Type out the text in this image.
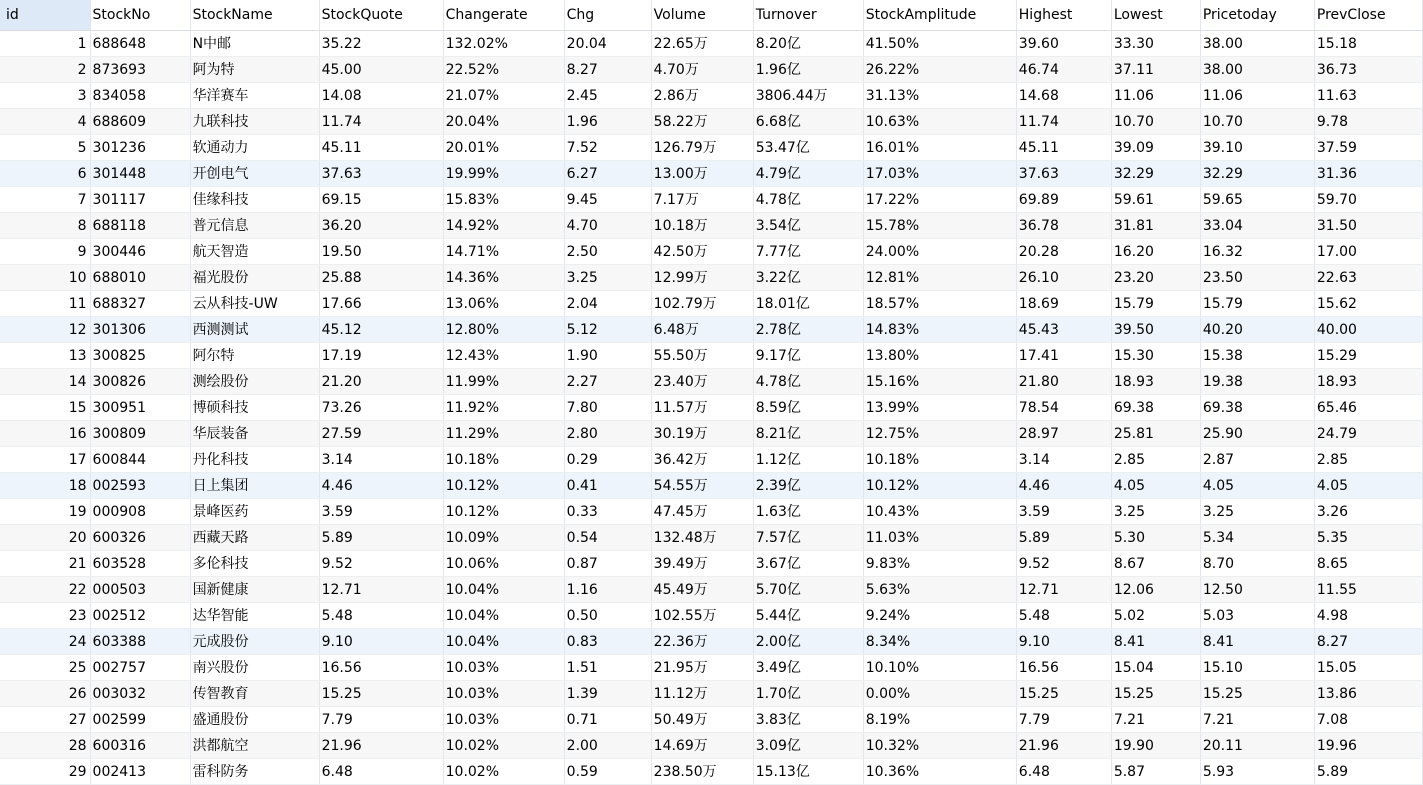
id	StockNo	StockName	StockQuote	Changerate	Chg	Volume	Turnover	StockAmplitude	Highest	Lowest	Pricetoday	PrevClose
1	688648	N中邮	35.22	132.02%	20.04	22.65万	8.20亿	41.50%	39.60	33.30	38.00	15.18
2	873693	阿为特	45.00	22.52%	8.27	4.70万	1.96亿	26.22%	46.74	37.11	38.00	36.73
3	834058	华洋赛车	14.08	21.07%	2.45	2.86万	3806.44万	31.13%	14.68	11.06	11.06	11.63
4	688609	九联科技	11.74	20.04%	1.96	58.22万	6.68亿	10.63%	11.74	10.70	10.70	9.78
5	301236	软通动力	45.11	20.01%	7.52	126.79万	53.47亿	16.01%	45.11	39.09	39.10	37.59
6	301448	开创电气	37.63	19.99%	6.27	13.00万	4.79亿	17.03%	37.63	32.29	32.29	31.36
7	301117	佳缘科技	69.15	15.83%	9.45	7.17万	4.78亿	17.22%	69.89	59.61	59.65	59.70
8	688118	普元信息	36.20	14.92%	4.70	10.18万	3.54亿	15.78%	36.78	31.81	33.04	31.50
9	300446	航天智造	19.50	14.71%	2.50	42.50万	7.77亿	24.00%	20.28	16.20	16.32	17.00
10	688010	福光股份	25.88	14.36%	3.25	12.99万	3.22亿	12.81%	26.10	23.20	23.50	22.63
11	688327	云从科技-UW	17.66	13.06%	2.04	102.79万	18.01亿	18.57%	18.69	15.79	15.79	15.62
12	301306	西测测试	45.12	12.80%	5.12	6.48万	2.78亿	14.83%	45.43	39.50	40.20	40.00
13	300825	阿尔特	17.19	12.43%	1.90	55.50万	9.17亿	13.80%	17.41	15.30	15.38	15.29
14	300826	测绘股份	21.20	11.99%	2.27	23.40万	4.78亿	15.16%	21.80	18.93	19.38	18.93
15	300951	博硕科技	73.26	11.92%	7.80	11.57万	8.59亿	13.99%	78.54	69.38	69.38	65.46
16	300809	华辰装备	27.59	11.29%	2.80	30.19万	8.21亿	12.75%	28.97	25.81	25.90	24.79
17	600844	丹化科技	3.14	10.18%	0.29	36.42万	1.12亿	10.18%	3.14	2.85	2.87	2.85
18	002593	日上集团	4.46	10.12%	0.41	54.55万	2.39亿	10.12%	4.46	4.05	4.05	4.05
19	000908	景峰医药	3.59	10.12%	0.33	47.45万	1.63亿	10.43%	3.59	3.25	3.25	3.26
20	600326	西藏天路	5.89	10.09%	0.54	132.48万	7.57亿	11.03%	5.89	5.30	5.34	5.35
21	603528	多伦科技	9.52	10.06%	0.87	39.49万	3.67亿	9.83%	9.52	8.67	8.70	8.65
22	000503	国新健康	12.71	10.04%	1.16	45.49万	5.70亿	5.63%	12.71	12.06	12.50	11.55
23	002512	达华智能	5.48	10.04%	0.50	102.55万	5.44亿	9.24%	5.48	5.02	5.03	4.98
24	603388	元成股份	9.10	10.04%	0.83	22.36万	2.00亿	8.34%	9.10	8.41	8.41	8.27
25	002757	南兴股份	16.56	10.03%	1.51	21.95万	3.49亿	10.10%	16.56	15.04	15.10	15.05
26	003032	传智教育	15.25	10.03%	1.39	11.12万	1.70亿	0.00%	15.25	15.25	15.25	13.86
27	002599	盛通股份	7.79	10.03%	0.71	50.49万	3.83亿	8.19%	7.79	7.21	7.21	7.08
28	600316	洪都航空	21.96	10.02%	2.00	14.69万	3.09亿	10.32%	21.96	19.90	20.11	19.96
29	002413	雷科防务	6.48	10.02%	0.59	238.50万	15.13亿	10.36%	6.48	5.87	5.93	5.89
